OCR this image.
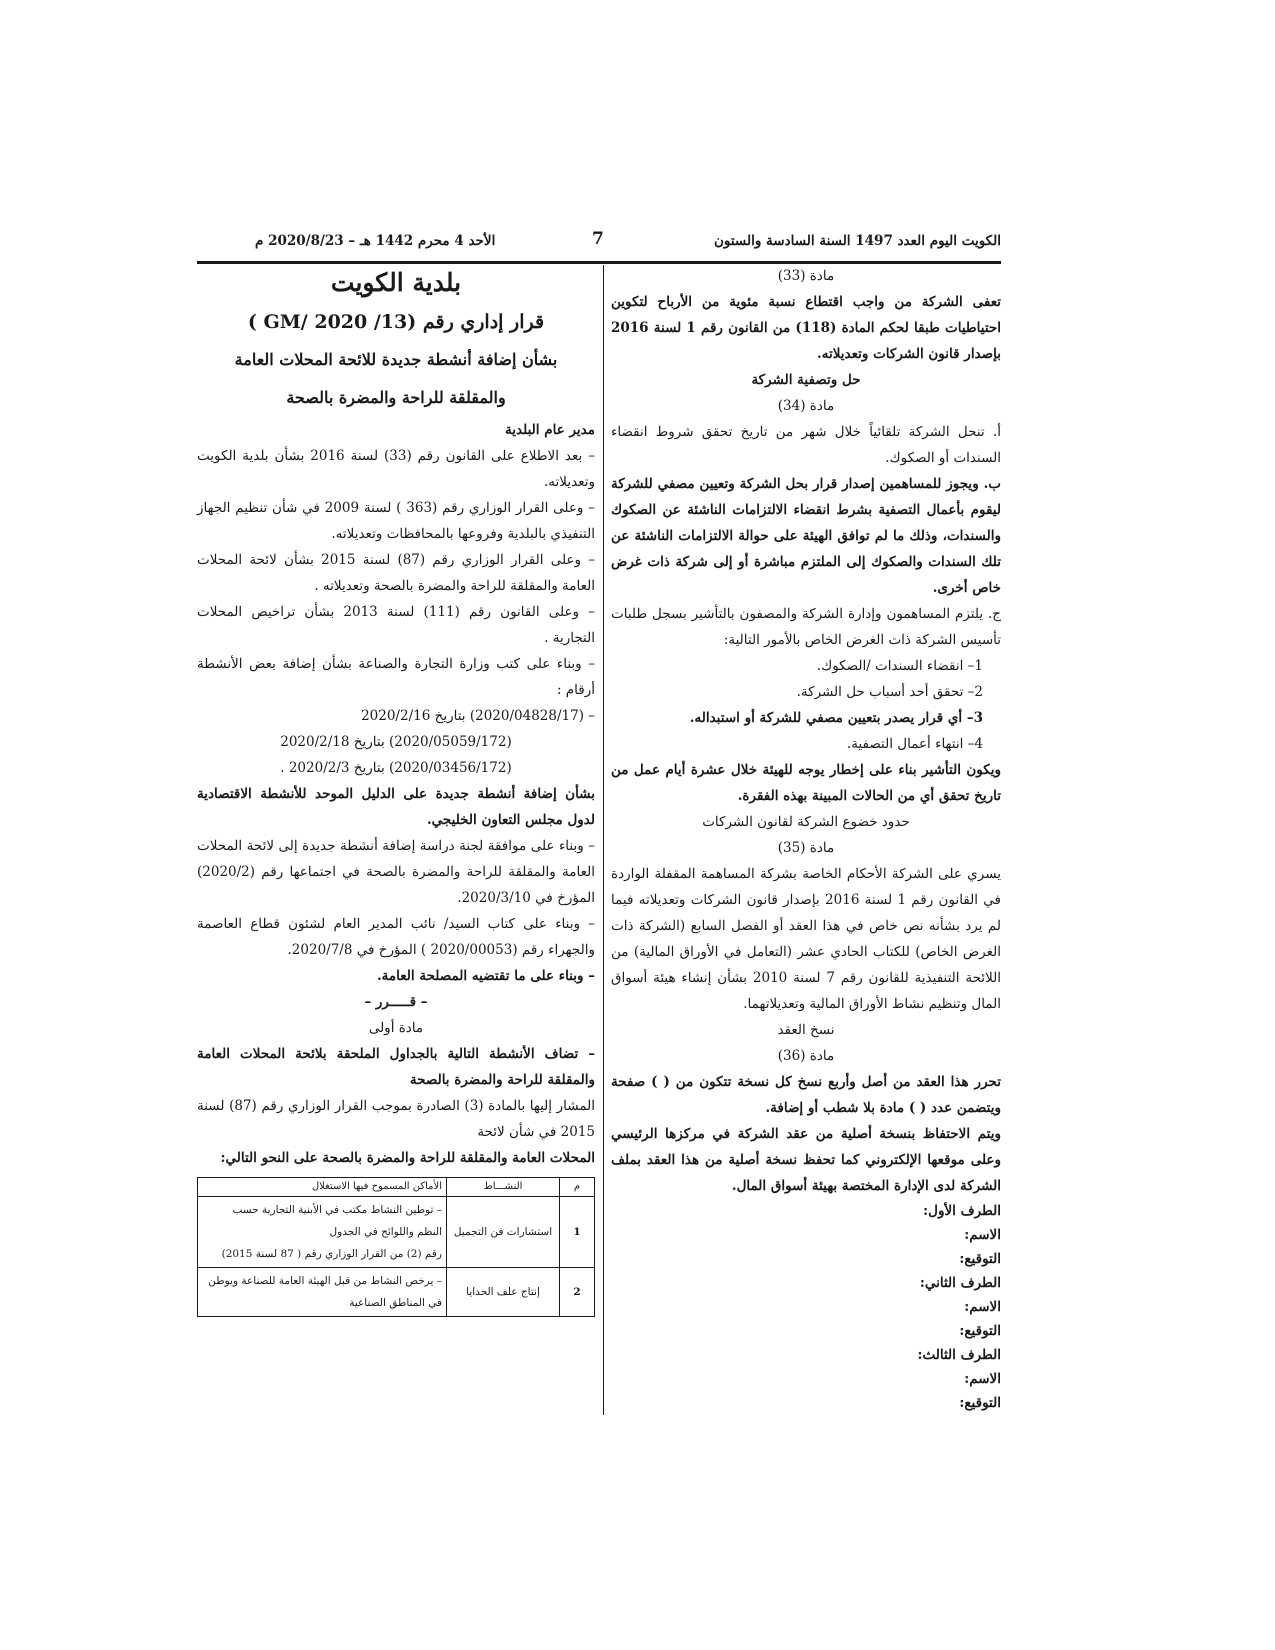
الكويت اليوم العدد 1497 السنة السادسة والستون
7
الأحد 4 محرم 1442 هـ – 2020/8/23 م

مادة (33)

تعفى الشركة من واجب اقتطاع نسبة مئوية من الأرباح لتكوين احتياطيات طبقا لحكم المادة (118) من القانون رقم 1 لسنة 2016 بإصدار قانون الشركات وتعديلاته.

حل وتصفية الشركة

مادة (34)

أ. تنحل الشركة تلقائياً خلال شهر من تاريخ تحقق شروط انقضاء السندات أو الصكوك.

ب. ويجوز للمساهمين إصدار قرار بحل الشركة وتعيين مصفي للشركة ليقوم بأعمال التصفية بشرط انقضاء الالتزامات الناشئة عن الصكوك والسندات، وذلك ما لم توافق الهيئة على حوالة الالتزامات الناشئة عن تلك السندات والصكوك إلى الملتزم مباشرة أو إلى شركة ذات غرض خاص أخرى.

ج. يلتزم المساهمون وإدارة الشركة والمصفون بالتأشير بسجل طلبات تأسيس الشركة ذات الغرض الخاص بالأمور التالية:

1– انقضاء السندات /الصكوك.

2– تحقق أحد أسباب حل الشركة.

3– أي قرار يصدر بتعيين مصفي للشركة أو استبداله.

4– انتهاء أعمال التصفية.

ويكون التأشير بناء على إخطار يوجه للهيئة خلال عشرة أيام عمل من تاريخ تحقق أي من الحالات المبينة بهذه الفقرة.

حدود خضوع الشركة لقانون الشركات

مادة (35)

يسري على الشركة الأحكام الخاصة بشركة المساهمة المقفلة الواردة في القانون رقم 1 لسنة 2016 بإصدار قانون الشركات وتعديلاته فيما لم يرد بشأنه نص خاص في هذا العقد أو الفصل السابع (الشركة ذات الغرض الخاص) للكتاب الحادي عشر (التعامل في الأوراق المالية) من اللائحة التنفيذية للقانون رقم 7 لسنة 2010 بشأن إنشاء هيئة أسواق المال وتنظيم نشاط الأوراق المالية وتعديلاتهما.

نسخ العقد

مادة (36)

تحرر هذا العقد من أصل وأربع نسخ كل نسخة تتكون من ( ) صفحة ويتضمن عدد ( ) مادة بلا شطب أو إضافة.

ويتم الاحتفاظ بنسخة أصلية من عقد الشركة في مركزها الرئيسي وعلى موقعها الإلكتروني كما تحفظ نسخة أصلية من هذا العقد بملف الشركة لدى الإدارة المختصة بهيئة أسواق المال.

الطرف الأول:

الاسم:

التوقيع:

الطرف الثاني:

الاسم:

التوقيع:

الطرف الثالث:

الاسم:

التوقيع:

بلدية الكويت

قرار إداري رقم (13/ GM/ 2020 )

بشأن إضافة أنشطة جديدة للائحة المحلات العامة

والمقلقة للراحة والمضرة بالصحة

مدير عام البلدية

– بعد الاطلاع على القانون رقم (33) لسنة 2016 بشأن بلدية الكويت وتعديلاته.

– وعلى القرار الوزاري رقم (363 ) لسنة 2009 في شأن تنظيم الجهاز التنفيذي بالبلدية وفروعها بالمحافظات وتعديلاته.

– وعلى القرار الوزاري رقم (87) لسنة 2015 بشأن لائحة المحلات العامة والمقلقة للراحة والمضرة بالصحة وتعديلاته .

– وعلى القانون رقم (111) لسنة 2013 بشأن تراخيص المحلات التجارية .

– وبناء على كتب وزارة التجارة والصناعة بشأن إضافة بعض الأنشطة أرقام :

– (2020/04828/17) بتاريخ 2020/2/16

(2020/05059/172) بتاريخ 2020/2/18

(2020/03456/172) بتاريخ 2020/2/3 .

بشأن إضافة أنشطة جديدة على الدليل الموحد للأنشطة الاقتصادية لدول مجلس التعاون الخليجي.

– وبناء على موافقة لجنة دراسة إضافة أنشطة جديدة إلى لائحة المحلات العامة والمقلقة للراحة والمضرة بالصحة في اجتماعها رقم (2020/2) المؤرخ في 2020/3/10.

– وبناء على كتاب السيد/ نائب المدير العام لشئون قطاع العاصمة والجهراء رقم (2020/00053 ) المؤرخ في 2020/7/8.

– وبناء على ما تقتضيه المصلحة العامة.

– قـــــرر –

مادة أولى

– تضاف الأنشطة التالية بالجداول الملحقة بلائحة المحلات العامة والمقلقة للراحة والمضرة بالصحة

المشار إليها بالمادة (3) الصادرة بموجب القرار الوزاري رقم (87) لسنة 2015 في شأن لائحة

المحلات العامة والمقلقة للراحة والمضرة بالصحة على النحو التالي:

م	النشـــاط	الأماكن المسموح فيها الاستغلال
1	استشارات فن التجميل	– توطين النشاط مكتب في الأبنية التجارية حسب
النظم واللوائح في الجدول
رقم (2) من القرار الوزاري رقم ( 87 لسنة 2015)

2	إنتاج علف الحدايا	– يرخص النشاط من قبل الهيئة العامة للصناعة ويوطن
في المناطق الصناعية
